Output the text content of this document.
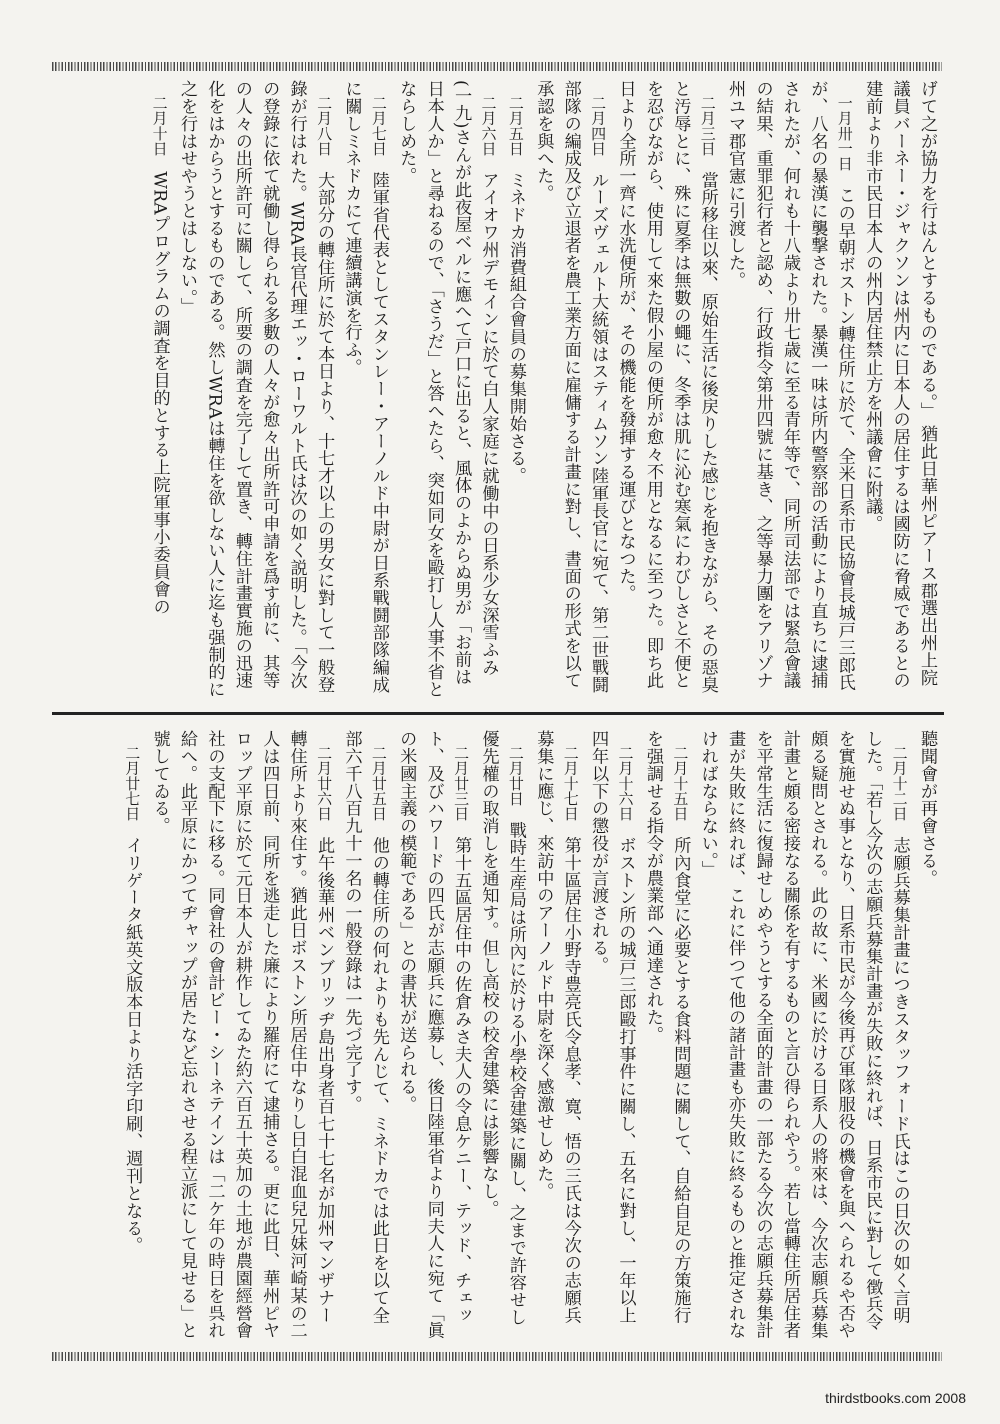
げて之が協力を行はんとするものである。」 猶此日華州ピアース郡選出州上院議員バーネー・ジャクソンは州内に日本人の居住するは國防に脅威であるとの建前より非市民日本人の州内居住禁止方を州議會に附議。

　一月卅一日　この早朝ボストン轉住所に於て、全米日系市民協會長城戸三郎氏が、八名の暴漢に襲撃された。暴漢一味は所内警察部の活動により直ちに逮捕されたが、何れも十八歳より卅七歳に至る青年等で、同所司法部では緊急會議の結果、重罪犯行者と認め、行政指令第卅四號に基き、之等暴力團をアリゾナ州ユマ郡官憲に引渡した。

　二月三日　當所移住以來、原始生活に後戻りした感じを抱きながら、その惡臭と汚辱とに、殊に夏季は無數の蠅に、冬季は肌に沁む寒氣にわびしさと不便とを忍びながら、使用して來た假小屋の便所が愈々不用となるに至つた。即ち此日より全所一齊に水洗便所が、その機能を發揮する運びとなつた。

　二月四日　ルーズヴェルト大統領はスティムソン陸軍長官に宛て、第二世戰鬪部隊の編成及び立退者を農工業方面に雇傭する計畫に對し、書面の形式を以て承認を與へた。

　二月五日　ミネドカ消費組合會員の募集開始さる。

　二月六日　アイオワ州デモインに於て白人家庭に就働中の日系少女深雪ふみ(一九)さんが此夜屋ベルに應へて戸口に出ると、風体のよからぬ男が「お前は日本人か」と尋ねるので、「さうだ」と答へたら、突如同女を毆打し人事不省とならしめた。

　二月七日　陸軍省代表としてスタンレー・アーノルド中尉が日系戰鬪部隊編成に關しミネドカにて連續講演を行ふ。

　二月八日　大部分の轉住所に於て本日より、十七才以上の男女に對して一般登錄が行はれた。WRA長官代理エッ・ローワルト氏は次の如く説明した。「今次の登錄に依て就働し得られる多數の人々が愈々出所許可申請を爲す前に、其等の人々の出所許可に關して、所要の調査を完了して置き、轉住計畫實施の迅速化をはからうとするものである。然しWRAは轉住を欲しない人に迄も强制的に之を行はせやうとはしない。」

　二月十日　WRAプログラムの調査を目的とする上院軍事小委員會の

聽聞會が再會さる。

　二月十二日　志願兵募集計畫につきスタッフォード氏はこの日次の如く言明した。「若し今次の志願兵募集計畫が失敗に終れば、日系市民に對して徴兵令を實施せぬ事となり、日系市民が今後再び軍隊服役の機會を與へられるや否や頗る疑問とされる。此の故に、米國に於ける日系人の將來は、今次志願兵募集計畫と頗る密接なる關係を有するものと言ひ得られやう。若し當轉住所居住者を平常生活に復歸せしめやうとする全面的計畫の一部たる今次の志願兵募集計畫が失敗に終れば、これに伴つて他の諸計畫も亦失敗に終るものと推定されなければならない。」

　二月十五日　所內食堂に必要とする食料問題に關して、自給自足の方策施行を强調せる指令が農業部へ通達された。

　二月十六日　ボストン所の城戸三郎毆打事件に關し、五名に對し、一年以上四年以下の懲役が言渡される。

　二月十七日　第十區居住小野寺豊亮氏令息孝、寛、悟の三氏は今次の志願兵募集に應じ、來訪中のアーノルド中尉を深く感激せしめた。

　二月廿日　戰時生産局は所內に於ける小學校舍建築に關し、之まで許容せし優先權の取消しを通知す。但し高校の校舍建築には影響なし。

　二月廿三日　第十五區居住中の佐倉みさ夫人の令息ケニー、テッド、チェット、及びハワードの四氏が志願兵に應募し、後日陸軍省より同夫人に宛て「眞の米國主義の模範である」との書状が送られる。

　二月廿五日　他の轉住所の何れよりも先んじて、ミネドカでは此日を以て全部六千八百九十一名の一般登錄は一先づ完了す。

　二月廿六日　此午後華州ベンブリッヂ島出身者百七十七名が加州マンザナー轉住所より來住す。猶此日ボストン所居住中なりし日白混血兒兄妹河崎某の二人は四日前、同所を逃走した廉により羅府にて逮捕さる。更に此日、華州ピヤロップ平原に於て元日本人が耕作してゐた約六百五十英加の土地が農園經營會社の支配下に移る。同會社の會計ビー・シーネテインは「二ケ年の時日を呉れ給へ。此平原にかつてヂャップが居たなど忘れさせる程立派にして見せる」と號してゐる。

　二月廿七日　イリゲータ紙英文版本日より活字印刷、週刊となる。

thirdstbooks.com 2008
